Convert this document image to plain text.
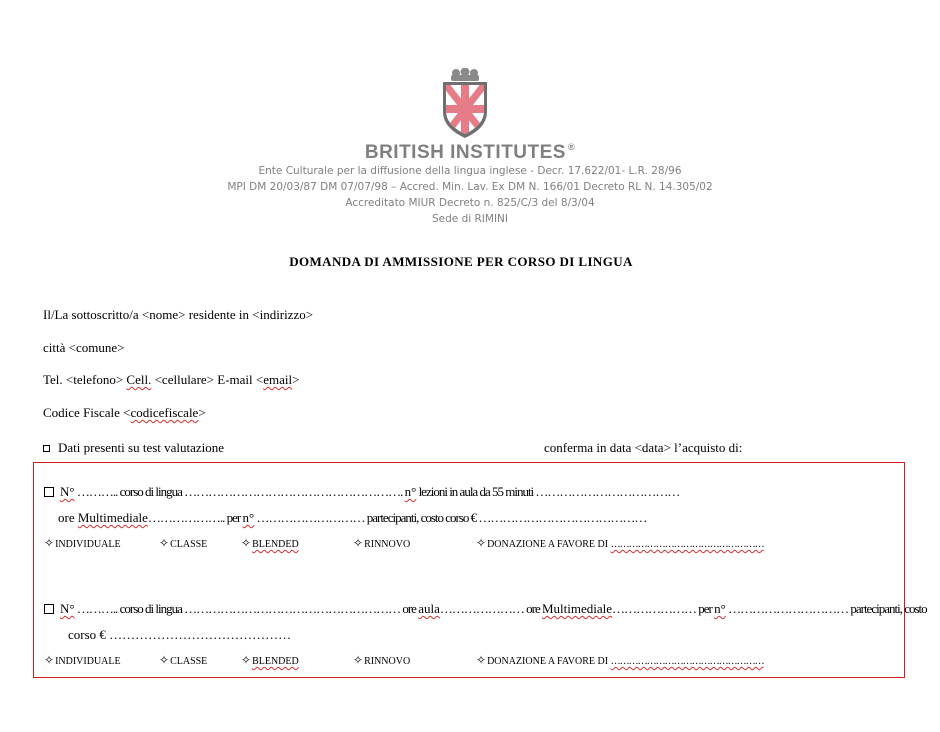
BRITISH INSTITUTES ®
Ente Culturale per la diffusione della lingua inglese - Decr. 17.622/01- L.R. 28/96
MPI DM 20/03/87 DM 07/07/98 – Accred. Min. Lav. Ex DM N. 166/01 Decreto RL N. 14.305/02
Accreditato MIUR Decreto n. 825/C/3 del 8/3/04
Sede di RIMINI
DOMANDA DI AMMISSIONE PER CORSO DI LINGUA
Il/La sottoscritto/a <nome> residente in <indirizzo>
città <comune>
Tel. <telefono> Cell. <cellulare> E-mail <email>
Codice Fiscale <codicefiscale>
Dati presenti su test valutazione	conferma in data <data> l’acquisto di:
N° ……….. corso di lingua ………………………………………………. n° lezioni in aula da 55 minuti ………………………………
ore Multimediale……………….. per n° ……………………… partecipanti, costo corso € ……………………………………
✧INDIVIDUALE	✧CLASSE	✧BLENDED	✧RINNOVO	✧DONAZIONE A FAVORE DI ……………………………………………
N° ……….. corso di lingua ……………………………………………… ore aula………………… ore Multimediale………………… per n° ………………………… partecipanti, costo
corso € ……………………………………
✧INDIVIDUALE	✧CLASSE	✧BLENDED	✧RINNOVO	✧DONAZIONE A FAVORE DI ……………………………………………
